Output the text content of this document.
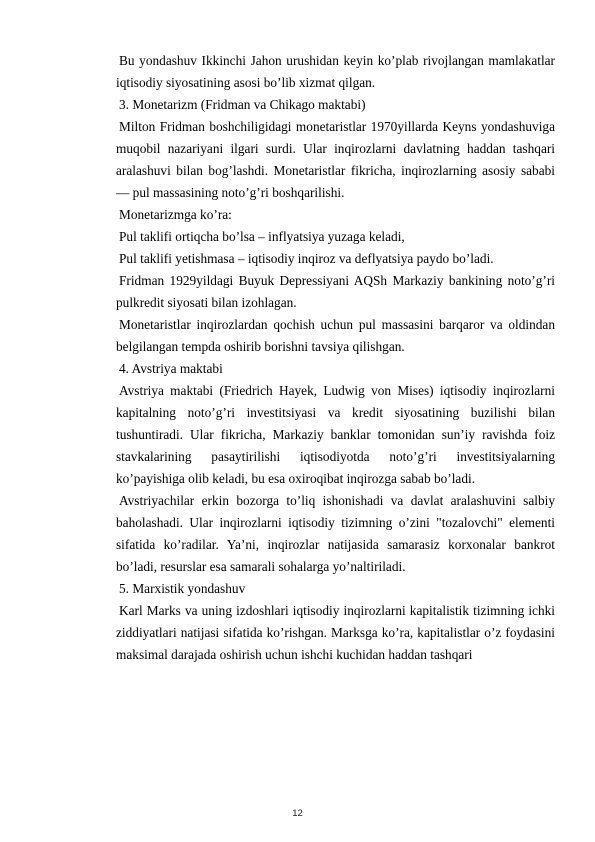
Bu yondashuv Ikkinchi Jahon urushidan keyin ko’plab rivojlangan mamlakatlar iqtisodiy siyosatining asosi bo’lib xizmat qilgan.

3. Monetarizm (Fridman va Chikago maktabi)

Milton Fridman boshchiligidagi monetaristlar 1970yillarda Keyns yondashuviga muqobil nazariyani ilgari surdi. Ular inqirozlarni davlatning haddan tashqari aralashuvi bilan bog’lashdi. Monetaristlar fikricha, inqirozlarning asosiy sababi — pul massasining noto’g’ri boshqarilishi.

Monetarizmga ko’ra:

Pul taklifi ortiqcha bo’lsa – inflyatsiya yuzaga keladi,

Pul taklifi yetishmasa – iqtisodiy inqiroz va deflyatsiya paydo bo’ladi.

Fridman 1929yildagi Buyuk Depressiyani AQSh Markaziy bankining noto’g’ri pulkredit siyosati bilan izohlagan.

Monetaristlar inqirozlardan qochish uchun pul massasini barqaror va oldindan belgilangan tempda oshirib borishni tavsiya qilishgan.

4. Avstriya maktabi

Avstriya maktabi (Friedrich Hayek, Ludwig von Mises) iqtisodiy inqirozlarni kapitalning noto’g’ri investitsiyasi va kredit siyosatining buzilishi bilan tushuntiradi. Ular fikricha, Markaziy banklar tomonidan sun’iy ravishda foiz stavkalarining pasaytirilishi iqtisodiyotda noto’g’ri investitsiyalarning ko’payishiga olib keladi, bu esa oxiroqibat inqirozga sabab bo’ladi.

Avstriyachilar erkin bozorga to’liq ishonishadi va davlat aralashuvini salbiy baholashadi. Ular inqirozlarni iqtisodiy tizimning o’zini "tozalovchi" elementi sifatida ko’radilar. Ya’ni, inqirozlar natijasida samarasiz korxonalar bankrot bo’ladi, resurslar esa samarali sohalarga yo’naltiriladi.

5. Marxistik yondashuv

Karl Marks va uning izdoshlari iqtisodiy inqirozlarni kapitalistik tizimning ichki ziddiyatlari natijasi sifatida ko’rishgan. Marksga ko’ra, kapitalistlar o’z foydasini maksimal darajada oshirish uchun ishchi kuchidan haddan tashqari

12
